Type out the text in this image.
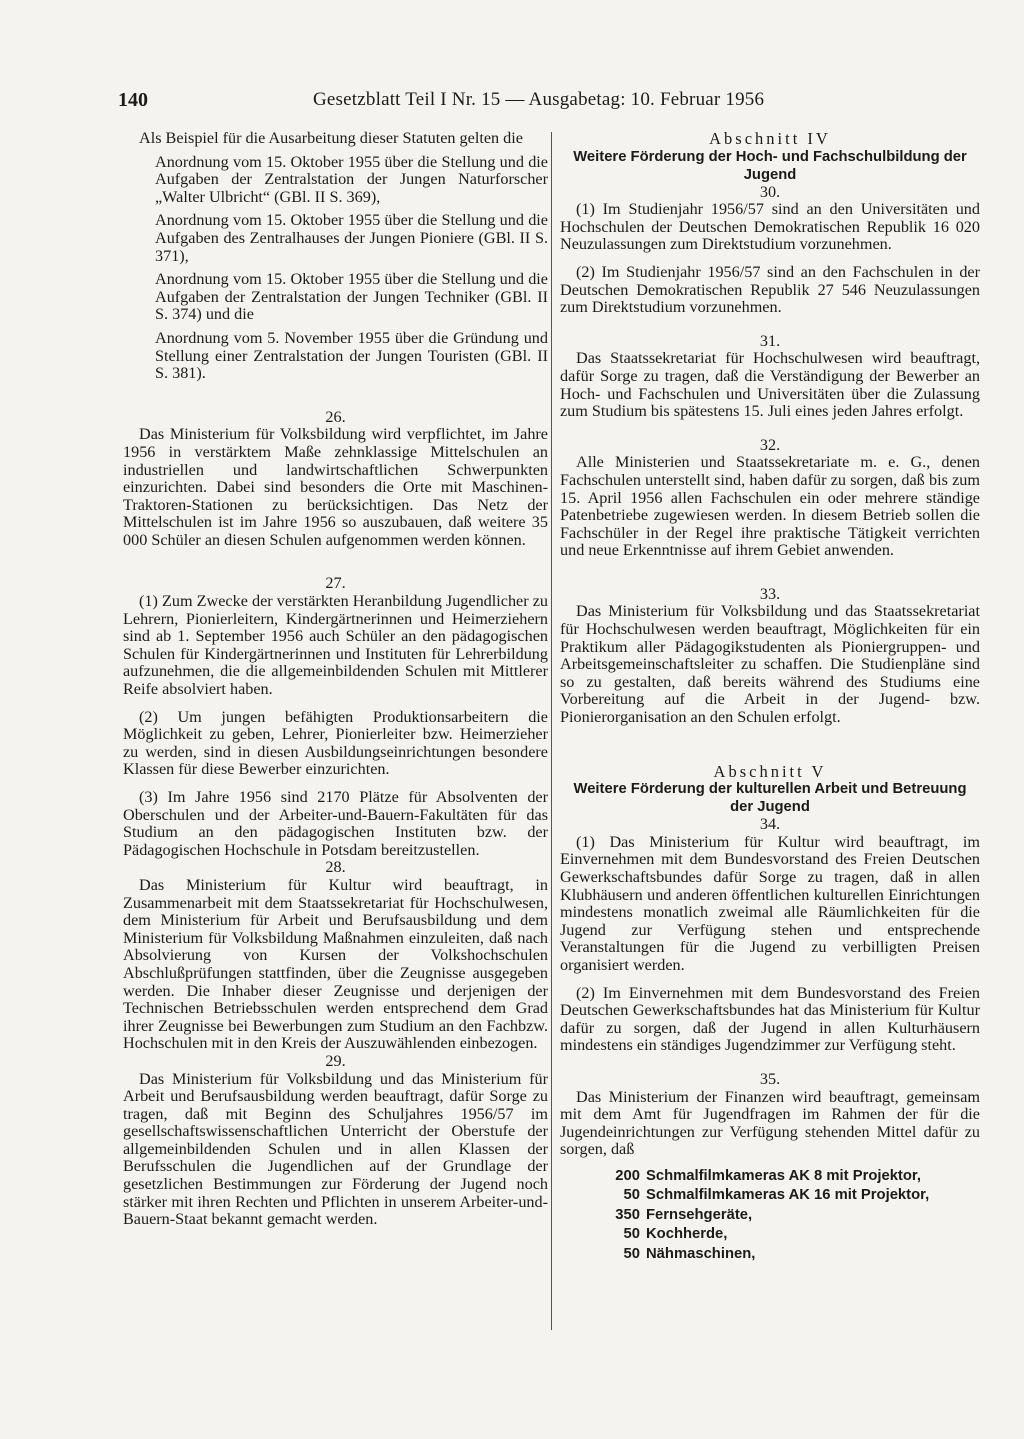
140	Gesetzblatt Teil I Nr. 15 — Ausgabetag: 10. Februar 1956

Als Beispiel für die Ausarbeitung dieser Statuten gelten die

Anordnung vom 15. Oktober 1955 über die Stellung und die Aufgaben der Zentralstation der Jungen Naturforscher „Walter Ulbricht“ (GBl. II S. 369),

Anordnung vom 15. Oktober 1955 über die Stellung und die Aufgaben des Zentralhauses der Jungen Pioniere (GBl. II S. 371),

Anordnung vom 15. Oktober 1955 über die Stellung und die Aufgaben der Zentralstation der Jungen Techniker (GBl. II S. 374) und die

Anordnung vom 5. November 1955 über die Gründung und Stellung einer Zentralstation der Jungen Touristen (GBl. II S. 381).

26.

Das Ministerium für Volksbildung wird verpflichtet, im Jahre 1956 in verstärktem Maße zehnklassige Mittelschulen an industriellen und landwirtschaftlichen Schwerpunkten einzurichten. Dabei sind besonders die Orte mit Maschinen-Traktoren-Stationen zu berücksichtigen. Das Netz der Mittelschulen ist im Jahre 1956 so auszubauen, daß weitere 35 000 Schüler an diesen Schulen aufgenommen werden können.

27.

(1) Zum Zwecke der verstärkten Heranbildung Jugendlicher zu Lehrern, Pionierleitern, Kindergärtnerinnen und Heimerziehern sind ab 1. September 1956 auch Schüler an den pädagogischen Schulen für Kindergärtnerinnen und Instituten für Lehrerbildung aufzunehmen, die die allgemeinbildenden Schulen mit Mittlerer Reife absolviert haben.

(2) Um jungen befähigten Produktionsarbeitern die Möglichkeit zu geben, Lehrer, Pionierleiter bzw. Heimerzieher zu werden, sind in diesen Ausbildungseinrichtungen besondere Klassen für diese Bewerber einzurichten.

(3) Im Jahre 1956 sind 2170 Plätze für Absolventen der Oberschulen und der Arbeiter-und-Bauern-Fakultäten für das Studium an den pädagogischen Instituten bzw. der Pädagogischen Hochschule in Potsdam bereitzustellen.

28.

Das Ministerium für Kultur wird beauftragt, in Zusammenarbeit mit dem Staatssekretariat für Hochschulwesen, dem Ministerium für Arbeit und Berufsausbildung und dem Ministerium für Volksbildung Maßnahmen einzuleiten, daß nach Absolvierung von Kursen der Volkshochschulen Abschlußprüfungen stattfinden, über die Zeugnisse ausgegeben werden. Die Inhaber dieser Zeugnisse und derjenigen der Technischen Betriebsschulen werden entsprechend dem Grad ihrer Zeugnisse bei Bewerbungen zum Studium an den Fachbzw. Hochschulen mit in den Kreis der Auszuwählenden einbezogen.

29.

Das Ministerium für Volksbildung und das Ministerium für Arbeit und Berufsausbildung werden beauftragt, dafür Sorge zu tragen, daß mit Beginn des Schuljahres 1956/57 im gesellschaftswissenschaftlichen Unterricht der Oberstufe der allgemeinbildenden Schulen und in allen Klassen der Berufsschulen die Jugendlichen auf der Grundlage der gesetzlichen Bestimmungen zur Förderung der Jugend noch stärker mit ihren Rechten und Pflichten in unserem Arbeiter-und-Bauern-Staat bekannt gemacht werden.

Abschnitt IV

Weitere Förderung der Hoch- und Fachschulbildung der Jugend

30.

(1) Im Studienjahr 1956/57 sind an den Universitäten und Hochschulen der Deutschen Demokratischen Republik 16 020 Neuzulassungen zum Direktstudium vorzunehmen.

(2) Im Studienjahr 1956/57 sind an den Fachschulen in der Deutschen Demokratischen Republik 27 546 Neuzulassungen zum Direktstudium vorzunehmen.

31.

Das Staatssekretariat für Hochschulwesen wird beauftragt, dafür Sorge zu tragen, daß die Verständigung der Bewerber an Hoch- und Fachschulen und Universitäten über die Zulassung zum Studium bis spätestens 15. Juli eines jeden Jahres erfolgt.

32.

Alle Ministerien und Staatssekretariate m. e. G., denen Fachschulen unterstellt sind, haben dafür zu sorgen, daß bis zum 15. April 1956 allen Fachschulen ein oder mehrere ständige Patenbetriebe zugewiesen werden. In diesem Betrieb sollen die Fachschüler in der Regel ihre praktische Tätigkeit verrichten und neue Erkenntnisse auf ihrem Gebiet anwenden.

33.

Das Ministerium für Volksbildung und das Staatssekretariat für Hochschulwesen werden beauftragt, Möglichkeiten für ein Praktikum aller Pädagogikstudenten als Pioniergruppen- und Arbeitsgemeinschaftsleiter zu schaffen. Die Studienpläne sind so zu gestalten, daß bereits während des Studiums eine Vorbereitung auf die Arbeit in der Jugend- bzw. Pionierorganisation an den Schulen erfolgt.

Abschnitt V

Weitere Förderung der kulturellen Arbeit und Betreuung der Jugend

34.

(1) Das Ministerium für Kultur wird beauftragt, im Einvernehmen mit dem Bundesvorstand des Freien Deutschen Gewerkschaftsbundes dafür Sorge zu tragen, daß in allen Klubhäusern und anderen öffentlichen kulturellen Einrichtungen mindestens monatlich zweimal alle Räumlichkeiten für die Jugend zur Verfügung stehen und entsprechende Veranstaltungen für die Jugend zu verbilligten Preisen organisiert werden.

(2) Im Einvernehmen mit dem Bundesvorstand des Freien Deutschen Gewerkschaftsbundes hat das Ministerium für Kultur dafür zu sorgen, daß der Jugend in allen Kulturhäusern mindestens ein ständiges Jugendzimmer zur Verfügung steht.

35.

Das Ministerium der Finanzen wird beauftragt, gemeinsam mit dem Amt für Jugendfragen im Rahmen der für die Jugendeinrichtungen zur Verfügung stehenden Mittel dafür zu sorgen, daß

200 Schmalfilmkameras AK 8 mit Projektor,
50 Schmalfilmkameras AK 16 mit Projektor,
350 Fernsehgeräte,
50 Kochherde,
50 Nähmaschinen,
